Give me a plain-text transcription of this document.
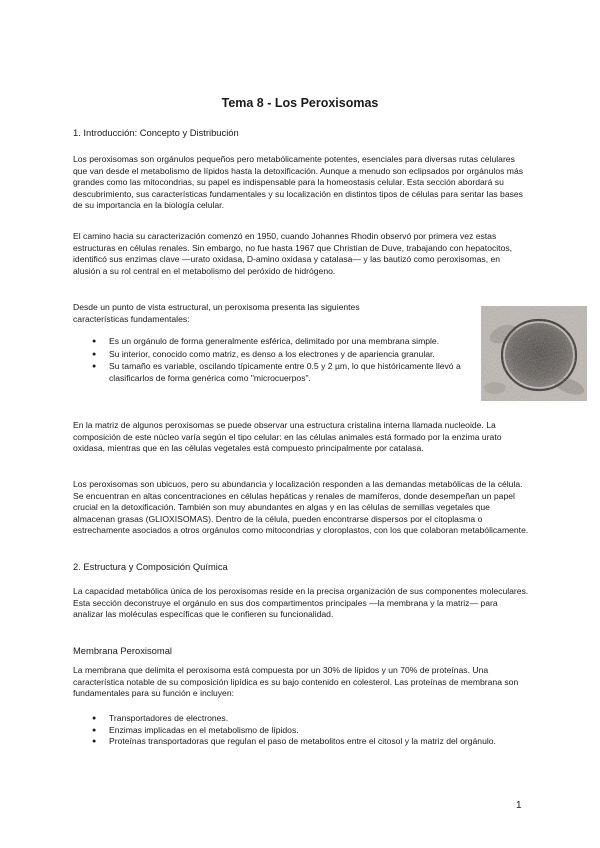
Tema 8 - Los Peroxisomas
1. Introducción: Concepto y Distribución

Los peroxisomas son orgánulos pequeños pero metabólicamente potentes, esenciales para diversas rutas celulares que van desde el metabolismo de lípidos hasta la detoxificación. Aunque a menudo son eclipsados por orgánulos más grandes como las mitocondrias, su papel es indispensable para la homeostasis celular. Esta sección abordará su descubrimiento, sus características fundamentales y su localización en distintos tipos de células para sentar las bases de su importancia en la biología celular.

El camino hacia su caracterización comenzó en 1950, cuando Johannes Rhodin observó por primera vez estas estructuras en células renales. Sin embargo, no fue hasta 1967 que Christian de Duve, trabajando con hepatocitos, identificó sus enzimas clave —urato oxidasa, D-amino oxidasa y catalasa— y las bautizó como peroxisomas, en alusión a su rol central en el metabolismo del peróxido de hidrógeno.

Desde un punto de vista estructural, un peroxisoma presenta las siguientes características fundamentales:

● Es un orgánulo de forma generalmente esférica, delimitado por una membrana simple.
● Su interior, conocido como matriz, es denso a los electrones y de apariencia granular.
● Su tamaño es variable, oscilando típicamente entre 0.5 y 2 µm, lo que históricamente llevó a clasificarlos de forma genérica como "microcuerpos".

En la matriz de algunos peroxisomas se puede observar una estructura cristalina interna llamada nucleoide. La composición de este núcleo varía según el tipo celular: en las células animales está formado por la enzima urato oxidasa, mientras que en las células vegetales está compuesto principalmente por catalasa.

Los peroxisomas son ubicuos, pero su abundancia y localización responden a las demandas metabólicas de la célula. Se encuentran en altas concentraciones en células hepáticas y renales de mamíferos, donde desempeñan un papel crucial en la detoxificación. También son muy abundantes en algas y en las células de semillas vegetales que almacenan grasas (GLIOXISOMAS). Dentro de la célula, pueden encontrarse dispersos por el citoplasma o estrechamente asociados a otros orgánulos como mitocondrias y cloroplastos, con los que colaboran metabólicamente.

2. Estructura y Composición Química

La capacidad metabólica única de los peroxisomas reside en la precisa organización de sus componentes moleculares. Esta sección deconstruye el orgánulo en sus dos compartimentos principales —la membrana y la matriz— para analizar las moléculas específicas que le confieren su funcionalidad.

Membrana Peroxisomal

La membrana que delimita el peroxisoma está compuesta por un 30% de lípidos y un 70% de proteínas. Una característica notable de su composición lipídica es su bajo contenido en colesterol. Las proteínas de membrana son fundamentales para su función e incluyen:

● Transportadores de electrones.
● Enzimas implicadas en el metabolismo de lípidos.
● Proteínas transportadoras que regulan el paso de metabolitos entre el citosol y la matriz del orgánulo.
1
